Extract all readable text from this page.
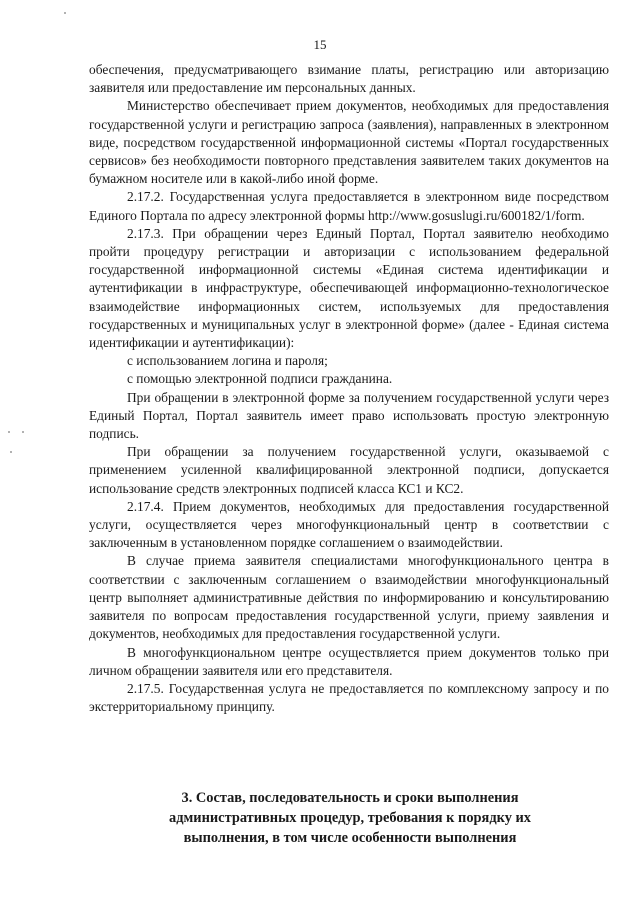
15

обеспечения, предусматривающего взимание платы, регистрацию или авторизацию заявителя или предоставление им персональных данных.

Министерство обеспечивает прием документов, необходимых для предоставления государственной услуги и регистрацию запроса (заявления), направленных в электронном виде, посредством государственной информационной системы «Портал государственных сервисов» без необходимости повторного представления заявителем таких документов на бумажном носителе или в какой-либо иной форме.

2.17.2. Государственная услуга предоставляется в электронном виде посредством Единого Портала по адресу электронной формы http://www.gosuslugi.ru/600182/1/form.

2.17.3. При обращении через Единый Портал, Портал заявителю необходимо пройти процедуру регистрации и авторизации с использованием федеральной государственной информационной системы «Единая система идентификации и аутентификации в инфраструктуре, обеспечивающей информационно-технологическое взаимодействие информационных систем, используемых для предоставления государственных и муниципальных услуг в электронной форме» (далее - Единая система идентификации и аутентификации):

с использованием логина и пароля;

с помощью электронной подписи гражданина.

При обращении в электронной форме за получением государственной услуги через Единый Портал, Портал заявитель имеет право использовать простую электронную подпись.

При обращении за получением государственной услуги, оказываемой с применением усиленной квалифицированной электронной подписи, допускается использование средств электронных подписей класса КС1 и КС2.

2.17.4. Прием документов, необходимых для предоставления государственной услуги, осуществляется через многофункциональный центр в соответствии с заключенным в установленном порядке соглашением о взаимодействии.

В случае приема заявителя специалистами многофункционального центра в соответствии с заключенным соглашением о взаимодействии многофункциональный центр выполняет административные действия по информированию и консультированию заявителя по вопросам предоставления государственной услуги, приему заявления и документов, необходимых для предоставления государственной услуги.

В многофункциональном центре осуществляется прием документов только при личном обращении заявителя или его представителя.

2.17.5. Государственная услуга не предоставляется по комплексному запросу и по экстерриториальному принципу.

3. Состав, последовательность и сроки выполнения
административных процедур, требования к порядку их
выполнения, в том числе особенности выполнения
